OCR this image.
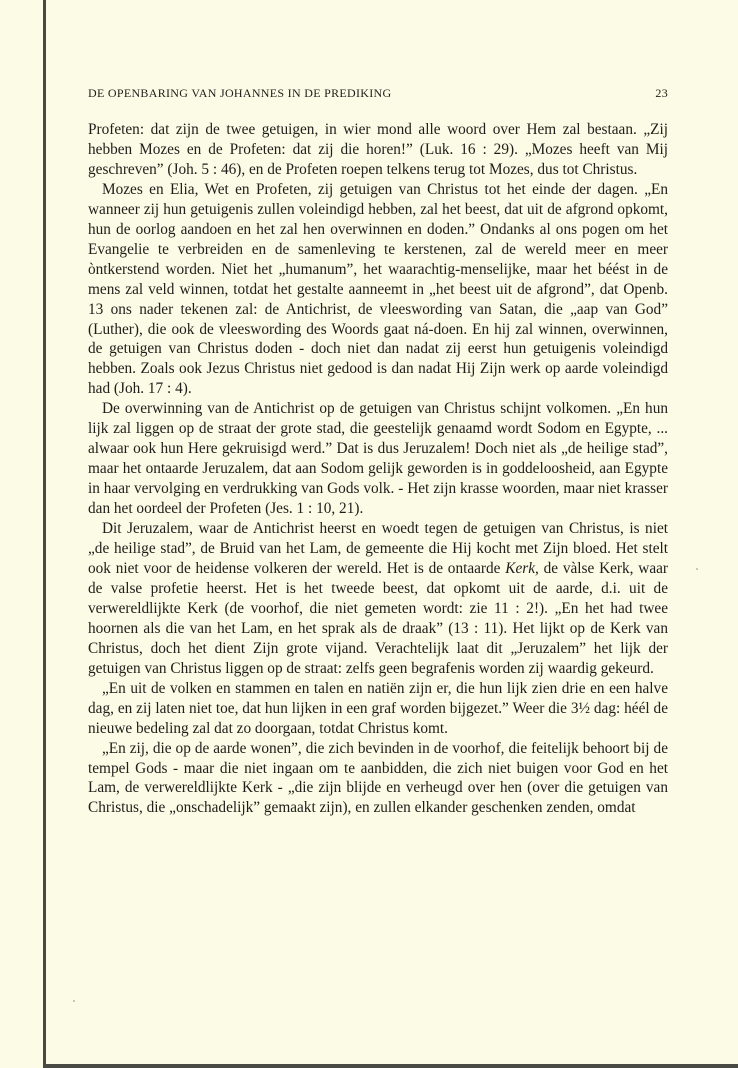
DE OPENBARING VAN JOHANNES IN DE PREDIKING	23

Profeten: dat zijn de twee getuigen, in wier mond alle woord over Hem zal bestaan. „Zij hebben Mozes en de Profeten: dat zij die horen!” (Luk. 16 : 29). „Mozes heeft van Mij geschreven” (Joh. 5 : 46), en de Profeten roepen telkens terug tot Mozes, dus tot Christus.

Mozes en Elia, Wet en Profeten, zij getuigen van Christus tot het einde der dagen. „En wanneer zij hun getuigenis zullen voleindigd hebben, zal het beest, dat uit de afgrond opkomt, hun de oorlog aandoen en het zal hen overwinnen en doden.” Ondanks al ons pogen om het Evangelie te verbreiden en de samenleving te kerstenen, zal de wereld meer en meer òntkerstend worden. Niet het „humanum”, het waarachtig-menselijke, maar het béést in de mens zal veld winnen, totdat het gestalte aanneemt in „het beest uit de afgrond”, dat Openb. 13 ons nader tekenen zal: de Antichrist, de vleeswording van Satan, die „aap van God” (Luther), die ook de vleeswording des Woords gaat ná-doen. En hij zal winnen, overwinnen, de getuigen van Christus doden - doch niet dan nadat zij eerst hun getuigenis voleindigd hebben. Zoals ook Jezus Christus niet gedood is dan nadat Hij Zijn werk op aarde voleindigd had (Joh. 17 : 4).

De overwinning van de Antichrist op de getuigen van Christus schijnt volkomen. „En hun lijk zal liggen op de straat der grote stad, die geestelijk genaamd wordt Sodom en Egypte, ... alwaar ook hun Here gekruisigd werd.” Dat is dus Jeruzalem! Doch niet als „de heilige stad”, maar het ontaarde Jeruzalem, dat aan Sodom gelijk geworden is in goddeloosheid, aan Egypte in haar vervolging en verdrukking van Gods volk. - Het zijn krasse woorden, maar niet krasser dan het oordeel der Profeten (Jes. 1 : 10, 21).

Dit Jeruzalem, waar de Antichrist heerst en woedt tegen de getuigen van Christus, is niet „de heilige stad”, de Bruid van het Lam, de gemeente die Hij kocht met Zijn bloed. Het stelt ook niet voor de heidense volkeren der wereld. Het is de ontaarde Kerk, de vàlse Kerk, waar de valse profetie heerst. Het is het tweede beest, dat opkomt uit de aarde, d.i. uit de verwereldlijkte Kerk (de voorhof, die niet gemeten wordt: zie 11 : 2!). „En het had twee hoornen als die van het Lam, en het sprak als de draak” (13 : 11). Het lijkt op de Kerk van Christus, doch het dient Zijn grote vijand. Verachtelijk laat dit „Jeruzalem” het lijk der getuigen van Christus liggen op de straat: zelfs geen begrafenis worden zij waardig gekeurd.

„En uit de volken en stammen en talen en natiën zijn er, die hun lijk zien drie en een halve dag, en zij laten niet toe, dat hun lijken in een graf worden bijgezet.” Weer die 3½ dag: héél de nieuwe bedeling zal dat zo doorgaan, totdat Christus komt.

„En zij, die op de aarde wonen”, die zich bevinden in de voorhof, die feitelijk behoort bij de tempel Gods - maar die niet ingaan om te aanbidden, die zich niet buigen voor God en het Lam, de verwereldlijkte Kerk - „die zijn blijde en verheugd over hen (over die getuigen van Christus, die „onschadelijk” gemaakt zijn), en zullen elkander geschenken zenden, omdat
